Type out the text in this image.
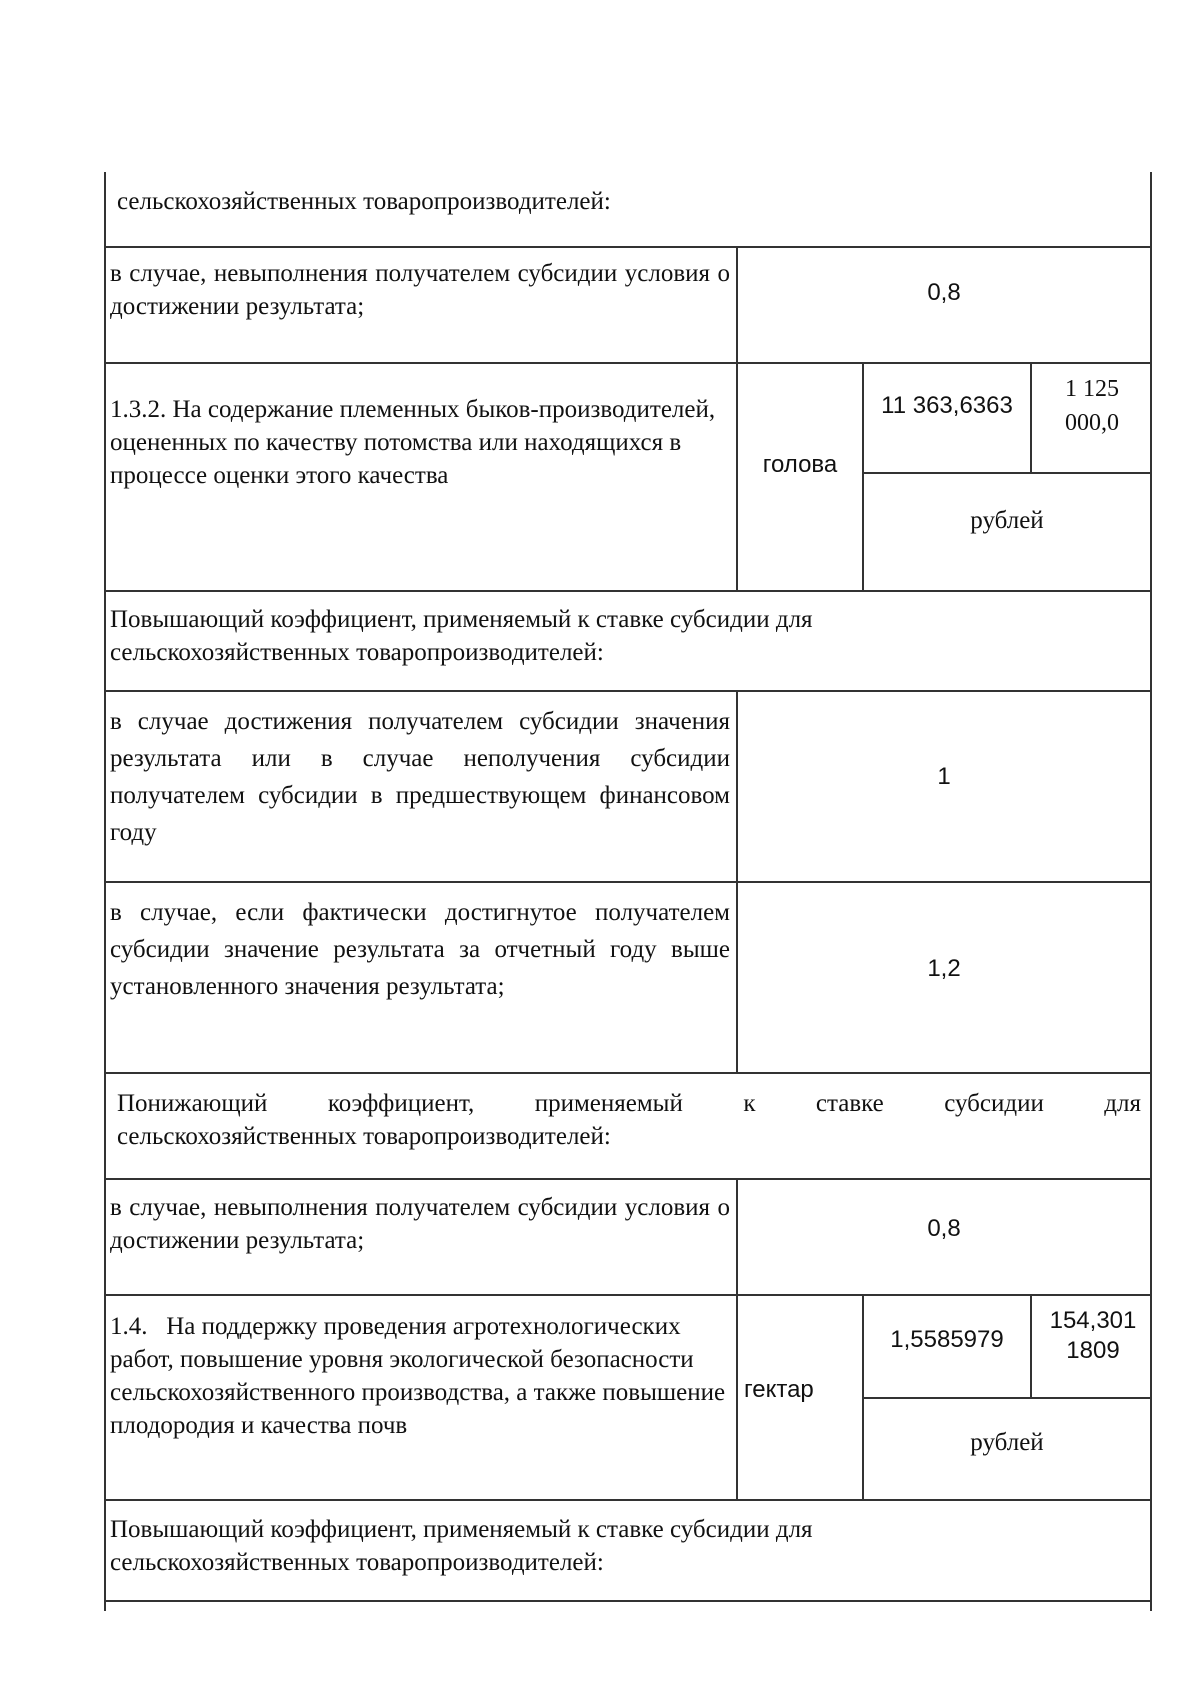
сельскохозяйственных товаропроизводителей:
в случае, невыполнения получателем субсидии условия о достижении результата;
0,8
1.3.2. На содержание племенных быков-производителей, оцененных по качеству потомства или находящихся в процессе оценки этого качества	голова
11 363,6363
1 125 000,0
рублей
Повышающий коэффициент, применяемый к ставке субсидии для сельскохозяйственных товаропроизводителей:
в случае достижения получателем субсидии значения результата или в случае неполучения субсидии получателем субсидии в предшествующем финансовом году
1
в случае, если фактически достигнутое получателем субсидии значение результата за отчетный году выше установленного значения результата;
1,2
Понижающий коэффициент, применяемый к ставке субсидии для
сельскохозяйственных товаропроизводителей:
в случае, невыполнения получателем субсидии условия о достижении результата;	0,8
1.4.   На поддержку проведения агротехнологических работ, повышение уровня экологической безопасности сельскохозяйственного производства, а также повышение плодородия и качества почв
гектар
1,5585979
154,301 1809
рублей
Повышающий коэффициент, применяемый к ставке субсидии для сельскохозяйственных товаропроизводителей:
